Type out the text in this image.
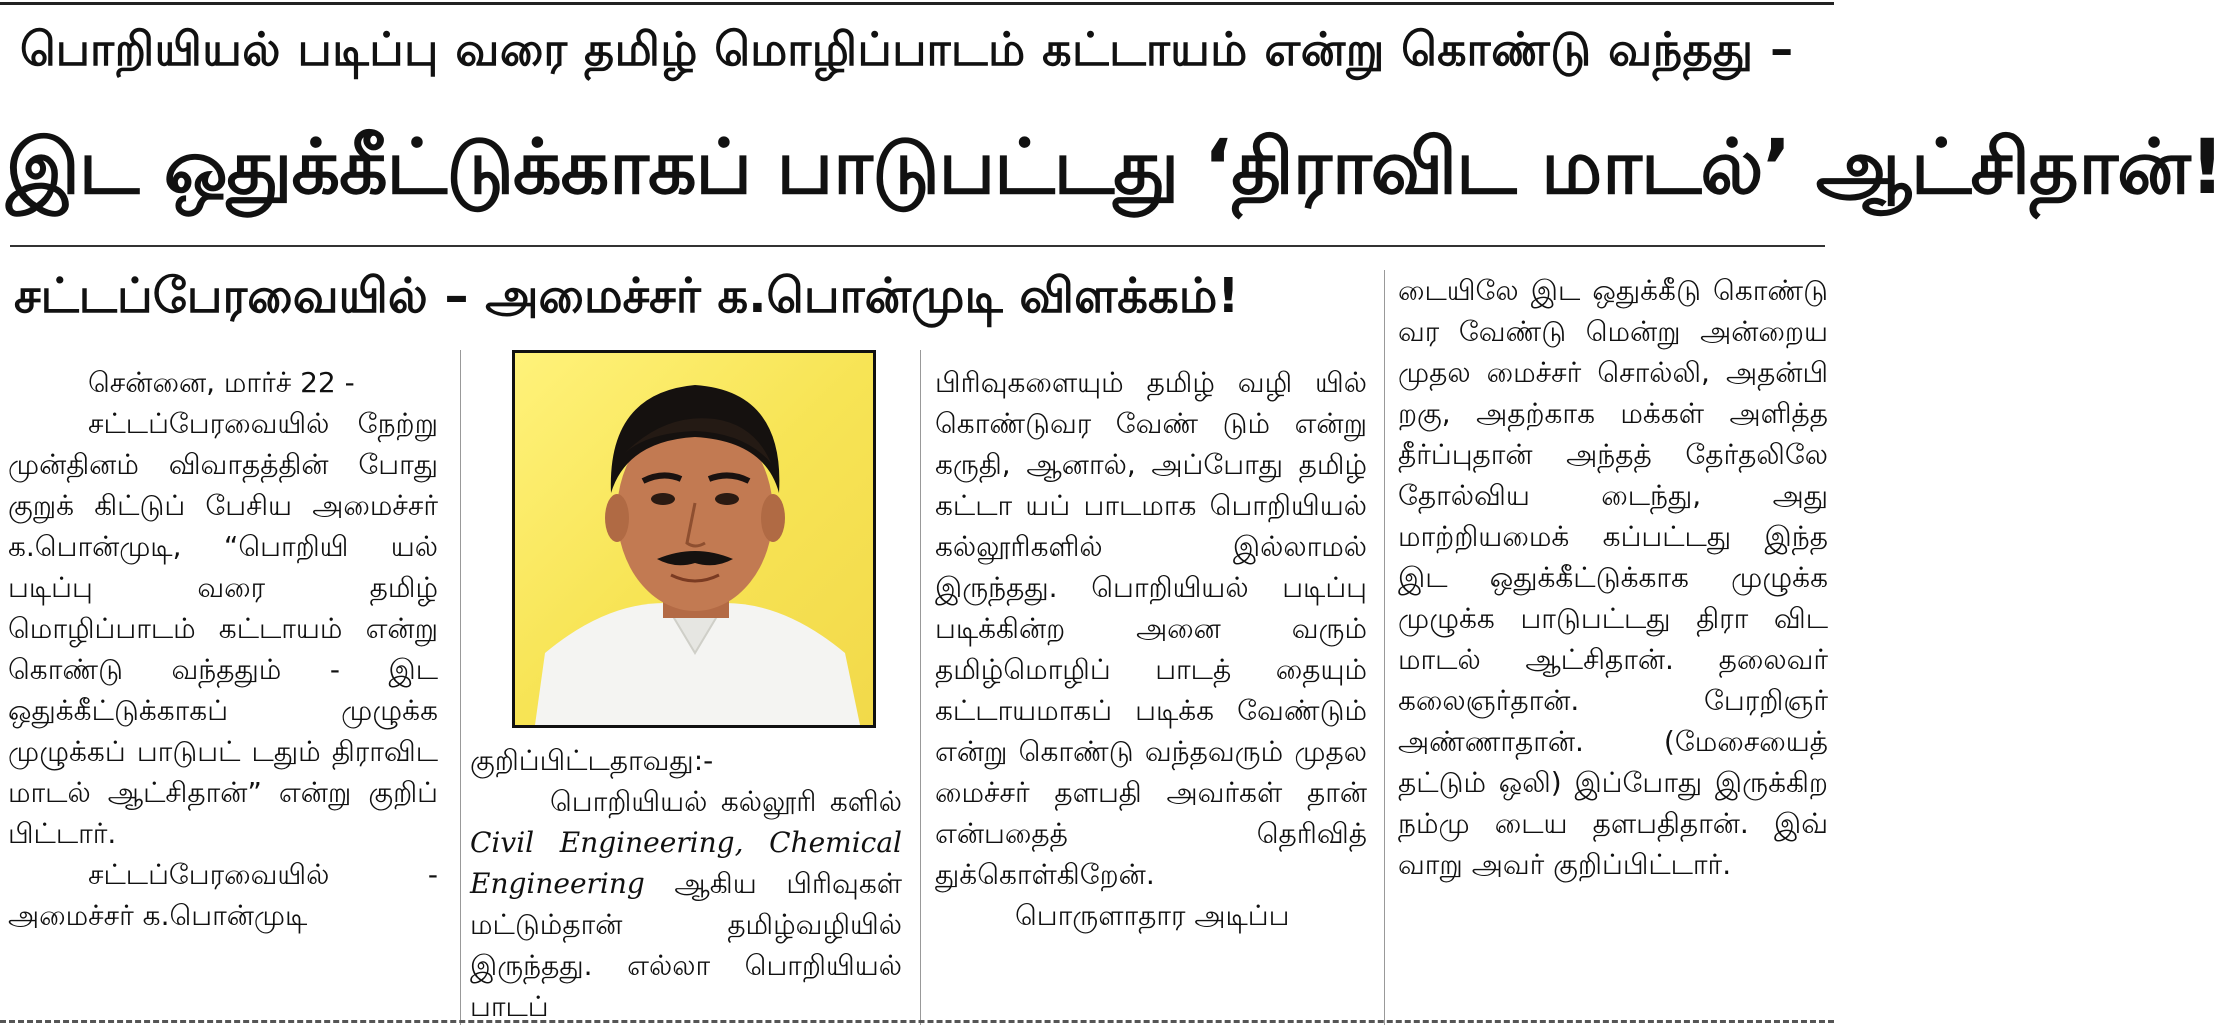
பொறியியல் படிப்பு வரை தமிழ் மொழிப்பாடம் கட்டாயம் என்று கொண்டு வந்தது –
இட ஒதுக்கீட்டுக்காகப் பாடுபட்டது ‘திராவிட மாடல்’ ஆட்சிதான்!
சட்டப்பேரவையில் – அமைச்சர் க.பொன்முடி விளக்கம்!

சென்னை, மார்ச் 22 -

சட்டப்பேரவையில் நேற்று முன்தினம் விவாதத்தின் போது குறுக் கிட்டுப் பேசிய அமைச்சர் க.பொன்முடி, “பொறியி யல் படிப்பு வரை தமிழ் மொழிப்பாடம் கட்டாயம் என்று கொண்டு வந்ததும் - இட ஒதுக்கீட்டுக்காகப் முழுக்க முழுக்கப் பாடுபட் டதும் திராவிட மாடல் ஆட்சிதான்” என்று குறிப் பிட்டார்.

சட்டப்பேரவையில் - அமைச்சர் க.பொன்முடி

குறிப்பிட்டதாவது:-

பொறியியல் கல்லூரி களில் Civil Engineering, Chemical Engineering ஆகிய பிரிவுகள் மட்டும்தான் தமிழ்வழியில் இருந்தது. எல்லா பொறியியல் பாடப்

பிரிவுகளையும் தமிழ் வழி யில் கொண்டுவர வேண் டும் என்று கருதி, ஆனால், அப்போது தமிழ் கட்டா யப் பாடமாக பொறியியல் கல்லூரிகளில் இல்லாமல் இருந்தது. பொறியியல் படிப்பு படிக்கின்ற அனை வரும் தமிழ்மொழிப் பாடத் தையும் கட்டாயமாகப் படிக்க வேண்டும் என்று கொண்டு வந்தவரும் முதல மைச்சர் தளபதி அவர்கள் தான் என்பதைத் தெரிவித் துக்கொள்கிறேன்.

பொருளாதார அடிப்ப

டையிலே இட ஒதுக்கீடு கொண்டு வர வேண்டு மென்று அன்றைய முதல மைச்சர் சொல்லி, அதன்பி றகு, அதற்காக மக்கள் அளித்த தீர்ப்புதான் அந்தத் தேர்தலிலே தோல்விய டைந்து, அது மாற்றியமைக் கப்பட்டது இந்த இட ஒதுக்கீட்டுக்காக முழுக்க முழுக்க பாடுபட்டது திரா விட மாடல் ஆட்சிதான். தலைவர் கலைஞர்தான். பேரறிஞர் அண்ணாதான். (மேசையைத் தட்டும் ஒலி) இப்போது இருக்கிற நம்மு டைய தளபதிதான். இவ் வாறு அவர் குறிப்பிட்டார்.
